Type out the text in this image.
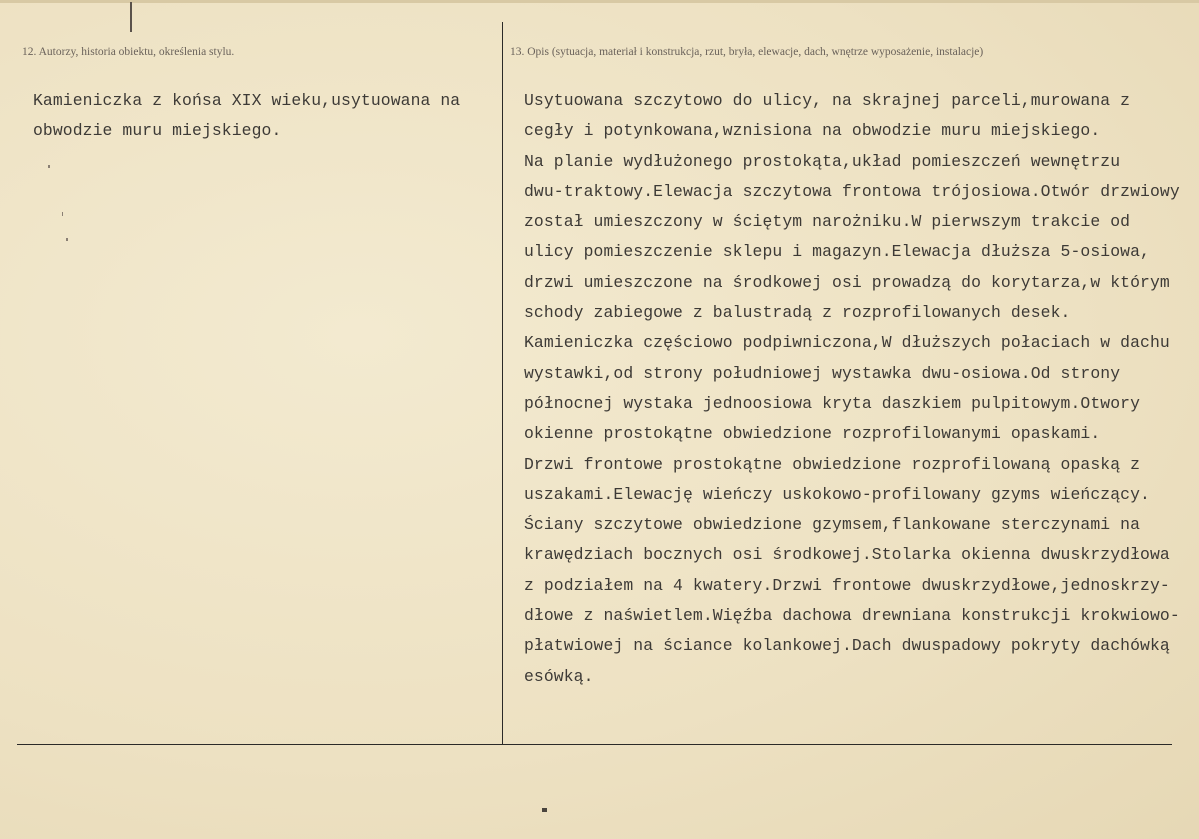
12. Autorzy, historia obiektu, określenia stylu.	13. Opis (sytuacja, materiał i konstrukcja, rzut, bryła, elewacje, dach, wnętrze wyposażenie, instalacje)
Kamieniczka z końsa XIX wieku,usytuowana na
obwodzie muru miejskiego.
Usytuowana szczytowo do ulicy, na skrajnej parceli,murowana z
cegły i potynkowana,wznisiona na obwodzie muru miejskiego.
Na planie wydłużonego prostokąta,układ pomieszczeń wewnętrzu
dwu-traktowy.Elewacja szczytowa frontowa trójosiowa.Otwór drzwiowy
został umieszczony w ściętym narożniku.W pierwszym trakcie od
ulicy pomieszczenie sklepu i magazyn.Elewacja dłuższa 5-osiowa,
drzwi umieszczone na środkowej osi prowadzą do korytarza,w którym
schody zabiegowe z balustradą z rozprofilowanych desek.
Kamieniczka częściowo podpiwniczona,W dłuższych połaciach w dachu
wystawki,od strony południowej wystawka dwu-osiowa.Od strony
północnej wystaka jednoosiowa kryta daszkiem pulpitowym.Otwory
okienne prostokątne obwiedzione rozprofilowanymi opaskami.
Drzwi frontowe prostokątne obwiedzione rozprofilowaną opaską z
uszakami.Elewację wieńczy uskokowo-profilowany gzyms wieńczący.
Ściany szczytowe obwiedzione gzymsem,flankowane sterczynami na
krawędziach bocznych osi środkowej.Stolarka okienna dwuskrzydłowa
z podziałem na 4 kwatery.Drzwi frontowe dwuskrzydłowe,jednoskrzy-
dłowe z naświetlem.Więźba dachowa drewniana konstrukcji krokwiowo-
płatwiowej na ściance kolankowej.Dach dwuspadowy pokryty dachówką
esówką.
